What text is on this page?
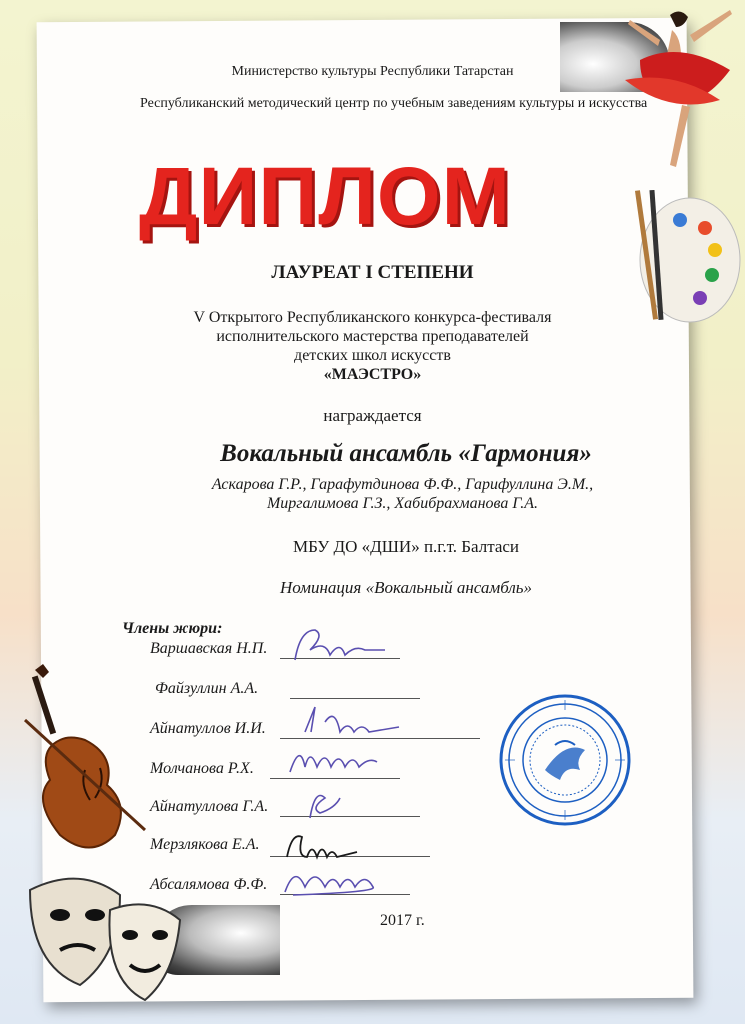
Министерство культуры Республики Татарстан
Республиканский методический центр по учебным заведениям культуры и искусства
ДИПЛОМ
ЛАУРЕАТ I СТЕПЕНИ
V Открытого Республиканского конкурса-фестиваля
исполнительского мастерства преподавателей
детских школ искусств
«МАЭСТРО»
награждается
Вокальный ансамбль «Гармония»
Аскарова Г.Р., Гарафутдинова Ф.Ф., Гарифуллина Э.М.,
Миргалимова Г.З., Хабибрахманова Г.А.
МБУ ДО «ДШИ» п.г.т. Балтаси
Номинация «Вокальный ансамбль»
Члены жюри:
Варшавская Н.П.
Файзуллин А.А.
Айнатуллов И.И.
Молчанова Р.Х.
Айнатуллова Г.А.
Мерзлякова Е.А.
Абсалямова Ф.Ф.
2017 г.
